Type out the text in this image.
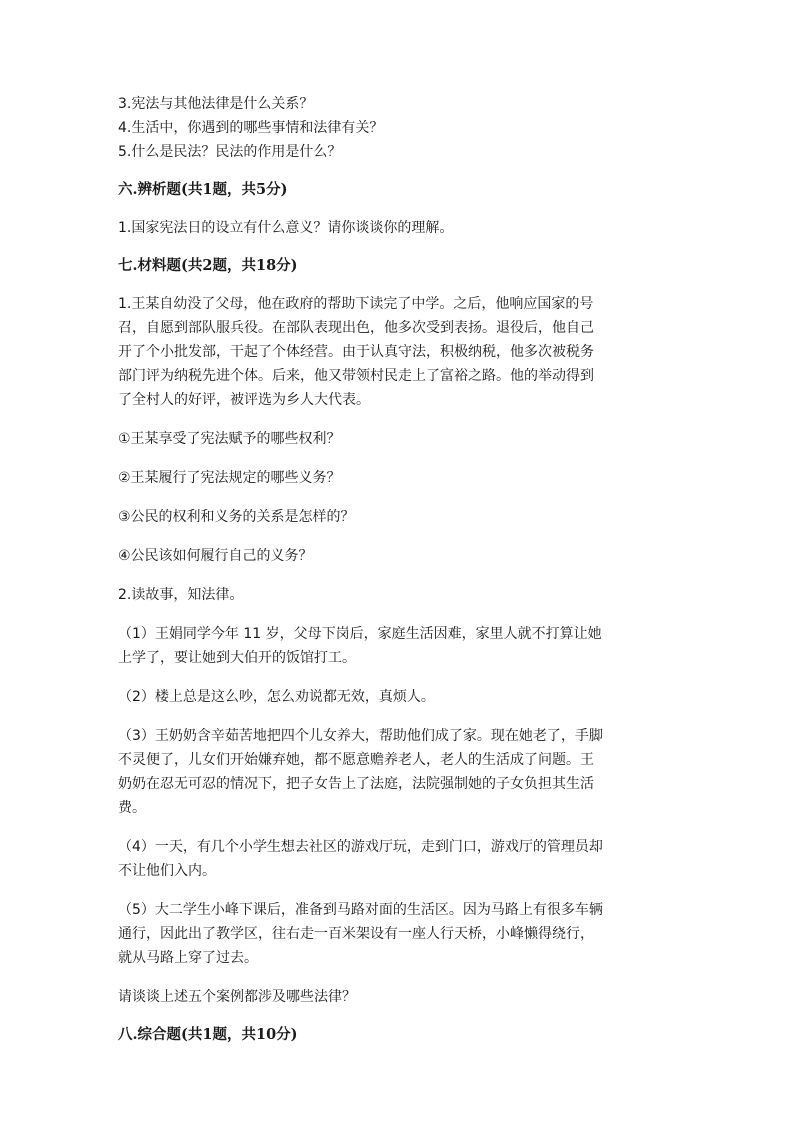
3.宪法与其他法律是什么关系？

4.生活中，你遇到的哪些事情和法律有关？

5.什么是民法？民法的作用是什么？

六.辨析题(共1题，共5分)

1.国家宪法日的设立有什么意义？请你谈谈你的理解。

七.材料题(共2题，共18分)

1.王某自幼没了父母，他在政府的帮助下读完了中学。之后，他响应国家的号

召，自愿到部队服兵役。在部队表现出色，他多次受到表扬。退役后，他自己

开了个小批发部，干起了个体经营。由于认真守法，积极纳税，他多次被税务

部门评为纳税先进个体。后来，他又带领村民走上了富裕之路。他的举动得到

了全村人的好评，被评选为乡人大代表。

①王某享受了宪法赋予的哪些权利？

②王某履行了宪法规定的哪些义务？

③公民的权利和义务的关系是怎样的？

④公民该如何履行自己的义务？

2.读故事，知法律。

（1）王娟同学今年 11 岁，父母下岗后，家庭生活因难，家里人就不打算让她

上学了，要让她到大伯开的饭馆打工。

（2）楼上总是这么吵，怎么劝说都无效，真烦人。

（3）王奶奶含辛茹苦地把四个儿女养大，帮助他们成了家。现在她老了，手脚

不灵便了，儿女们开始嫌弃她，都不愿意赡养老人，老人的生活成了问题。王

奶奶在忍无可忍的情况下，把子女告上了法庭，法院强制她的子女负担其生活

费。

（4）一天，有几个小学生想去社区的游戏厅玩，走到门口，游戏厅的管理员却

不让他们入内。

（5）大二学生小峰下课后，准备到马路对面的生活区。因为马路上有很多车辆

通行，因此出了教学区，往右走一百米架设有一座人行天桥，小峰懒得绕行，

就从马路上穿了过去。

请谈谈上述五个案例都涉及哪些法律？

八.综合题(共1题，共10分)
